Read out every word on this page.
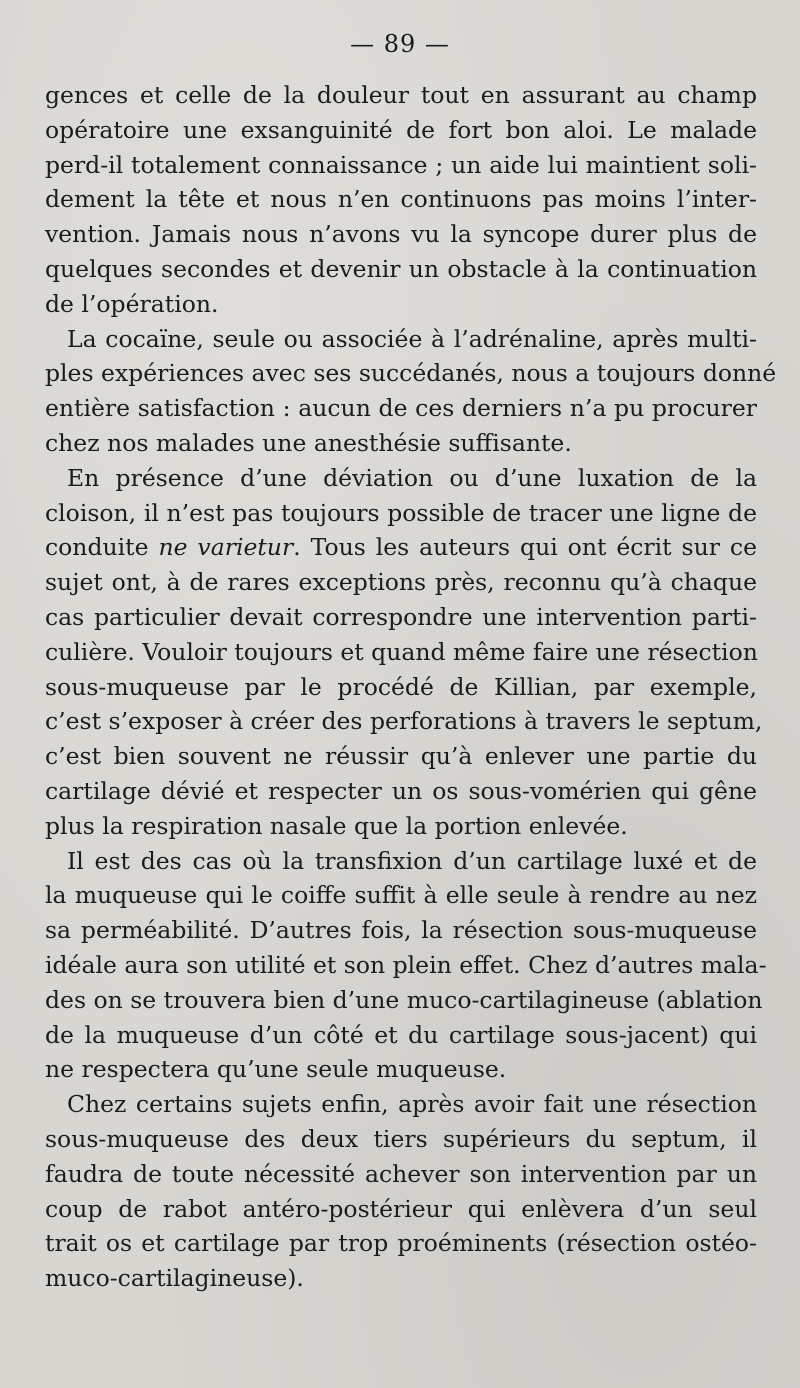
— 89 —
gences et celle de la douleur tout en assurant au champ
opératoire une exsanguinité de fort bon aloi. Le malade
perd-il totalement connaissance ; un aide lui maintient soli-
dement la tête et nous n’en continuons pas moins l’inter-
vention. Jamais nous n’avons vu la syncope durer plus de
quelques secondes et devenir un obstacle à la continuation
de l’opération.
La cocaïne, seule ou associée à l’adrénaline, après multi-
ples expériences avec ses succédanés, nous a toujours donné
entière satisfaction : aucun de ces derniers n’a pu procurer
chez nos malades une anesthésie suffisante.
En présence d’une déviation ou d’une luxation de la
cloison, il n’est pas toujours possible de tracer une ligne de
conduite ne varietur. Tous les auteurs qui ont écrit sur ce
sujet ont, à de rares exceptions près, reconnu qu’à chaque
cas particulier devait correspondre une intervention parti-
culière. Vouloir toujours et quand même faire une résection
sous-muqueuse par le procédé de Killian, par exemple,
c’est s’exposer à créer des perforations à travers le septum,
c’est bien souvent ne réussir qu’à enlever une partie du
cartilage dévié et respecter un os sous-vomérien qui gêne
plus la respiration nasale que la portion enlevée.
Il est des cas où la transfixion d’un cartilage luxé et de
la muqueuse qui le coiffe suffit à elle seule à rendre au nez
sa perméabilité. D’autres fois, la résection sous-muqueuse
idéale aura son utilité et son plein effet. Chez d’autres mala-
des on se trouvera bien d’une muco-cartilagineuse (ablation
de la muqueuse d’un côté et du cartilage sous-jacent) qui
ne respectera qu’une seule muqueuse.
Chez certains sujets enfin, après avoir fait une résection
sous-muqueuse des deux tiers supérieurs du septum, il
faudra de toute nécessité achever son intervention par un
coup de rabot antéro-postérieur qui enlèvera d’un seul
trait os et cartilage par trop proéminents (résection ostéo-
muco-cartilagineuse).
